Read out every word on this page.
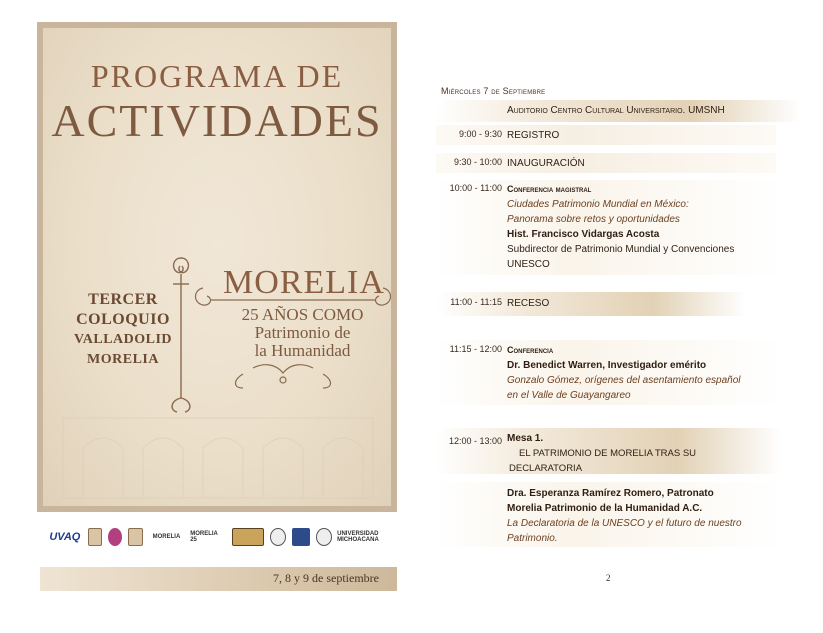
PROGRAMA DE
ACTIVIDADES
TERCER
COLOQUIO
VALLADOLID
MORELIA
MORELIA
25 AÑOS COMO
Patrimonio de
la Humanidad
UVAQ	MORELIA	MORELIA 25
UNIVERSIDAD MICHOACANA
7, 8 y 9 de septiembre
Miércoles 7 de Septiembre
Auditorio Centro Cultural Universitario. UMSNH
9:00 - 9:30 REGISTRO
9:30 - 10:00 INAUGURACIÓN
10:00 - 11:00 Conferencia magistral
Ciudades Patrimonio Mundial en México:
Panorama sobre retos y oportunidades
Hist. Francisco Vidargas Acosta
Subdirector de Patrimonio Mundial y Convenciones
UNESCO
11:00 - 11:15 RECESO
11:15 - 12:00 Conferencia
Dr. Benedict Warren, Investigador emérito
Gonzalo Gómez, orígenes del asentamiento español
en el Valle de Guayangareo
12:00 - 13:00 Mesa 1.
EL PATRIMONIO DE MORELIA TRAS SU
DECLARATORIA
Dra. Esperanza Ramírez Romero, Patronato
Morelia Patrimonio de la Humanidad A.C.
La Declaratoria de la UNESCO y el futuro de nuestro
Patrimonio.
2
